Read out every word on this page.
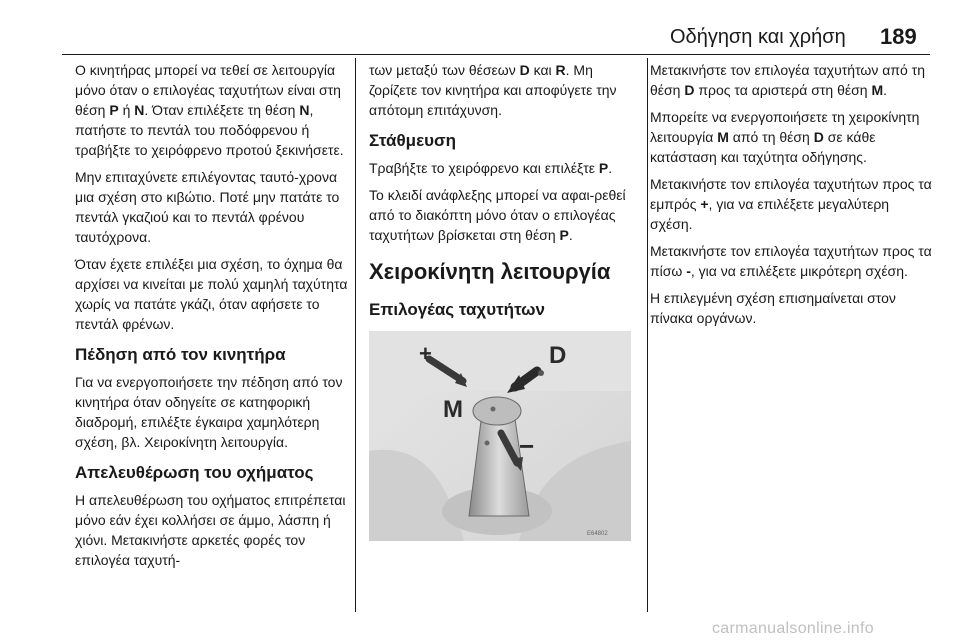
Οδήγηση και χρήση 189

Ο κινητήρας μπορεί να τεθεί σε λειτουργία μόνο όταν ο επιλογέας ταχυτήτων είναι στη θέση P ή N. Όταν επιλέξετε τη θέση N, πατήστε το πεντάλ του ποδόφρενου ή τραβήξτε το χειρόφρενο προτού ξεκινήσετε.

Μην επιταχύνετε επιλέγοντας ταυτό-χρονα μια σχέση στο κιβώτιο. Ποτέ μην πατάτε το πεντάλ γκαζιού και το πεντάλ φρένου ταυτόχρονα.

Όταν έχετε επιλέξει μια σχέση, το όχημα θα αρχίσει να κινείται με πολύ χαμηλή ταχύτητα χωρίς να πατάτε γκάζι, όταν αφήσετε το πεντάλ φρένων.

Πέδηση από τον κινητήρα

Για να ενεργοποιήσετε την πέδηση από τον κινητήρα όταν οδηγείτε σε κατηφορική διαδρομή, επιλέξτε έγκαιρα χαμηλότερη σχέση, βλ. Χειροκίνητη λειτουργία.

Απελευθέρωση του οχήματος

Η απελευθέρωση του οχήματος επιτρέπεται μόνο εάν έχει κολλήσει σε άμμο, λάσπη ή χιόνι. Μετακινήστε αρκετές φορές τον επιλογέα ταχυτή-

των μεταξύ των θέσεων D και R. Μη ζορίζετε τον κινητήρα και αποφύγετε την απότομη επιτάχυνση.

Στάθμευση

Τραβήξτε το χειρόφρενο και επιλέξτε P.

Το κλειδί ανάφλεξης μπορεί να αφαι-ρεθεί από το διακόπτη μόνο όταν ο επιλογέας ταχυτήτων βρίσκεται στη θέση P.

Χειροκίνητη λειτουργία
Επιλογέας ταχυτήτων
+
−
D
M
E64802

Μετακινήστε τον επιλογέα ταχυτήτων από τη θέση D προς τα αριστερά στη θέση M.

Μπορείτε να ενεργοποιήσετε τη χειροκίνητη λειτουργία M από τη θέση D σε κάθε κατάσταση και ταχύτητα οδήγησης.

Μετακινήστε τον επιλογέα ταχυτήτων προς τα εμπρός +, για να επιλέξετε μεγαλύτερη σχέση.

Μετακινήστε τον επιλογέα ταχυτήτων προς τα πίσω -, για να επιλέξετε μικρότερη σχέση.

Η επιλεγμένη σχέση επισημαίνεται στον πίνακα οργάνων.

carmanualsonline.info
